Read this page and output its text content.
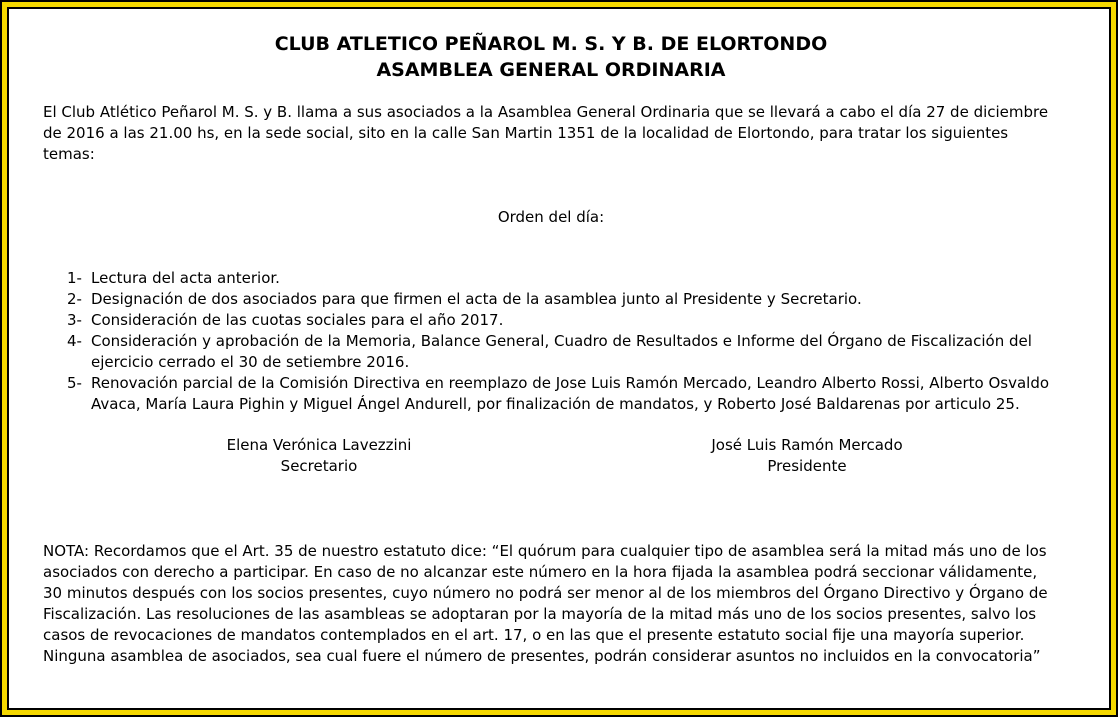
CLUB ATLETICO PEÑAROL M. S. Y B. DE ELORTONDO
ASAMBLEA GENERAL ORDINARIA

El Club Atlético Peñarol M. S. y B. llama a sus asociados a la Asamblea General Ordinaria que se llevará a cabo el día 27 de diciembre de 2016 a las 21.00 hs, en la sede social, sito en la calle San Martin 1351 de la localidad de Elortondo, para tratar los siguientes temas:

Orden del día:

1- Lectura del acta anterior.
2- Designación de dos asociados para que firmen el acta de la asamblea junto al Presidente y Secretario.
3- Consideración de las cuotas sociales para el año 2017.
4- Consideración y aprobación de la Memoria, Balance General, Cuadro de Resultados e Informe del Órgano de Fiscalización del ejercicio cerrado el 30 de setiembre 2016.
5- Renovación parcial de la Comisión Directiva en reemplazo de Jose Luis Ramón Mercado, Leandro Alberto Rossi, Alberto Osvaldo Avaca, María Laura Pighin y Miguel Ángel Andurell, por finalización de mandatos, y Roberto José Baldarenas por articulo 25.
Elena Verónica Lavezzini
Secretario
José Luis Ramón Mercado
Presidente

NOTA: Recordamos que el Art. 35 de nuestro estatuto dice: “El quórum para cualquier tipo de asamblea será la mitad más uno de los asociados con derecho a participar. En caso de no alcanzar este número en la hora fijada la asamblea podrá seccionar válidamente, 30 minutos después con los socios presentes, cuyo número no podrá ser menor al de los miembros del Órgano Directivo y Órgano de Fiscalización. Las resoluciones de las asambleas se adoptaran por la mayoría de la mitad más uno de los socios presentes, salvo los casos de revocaciones de mandatos contemplados en el art. 17, o en las que el presente estatuto social fije una mayoría superior. Ninguna asamblea de asociados, sea cual fuere el número de presentes, podrán considerar asuntos no incluidos en la convocatoria”
